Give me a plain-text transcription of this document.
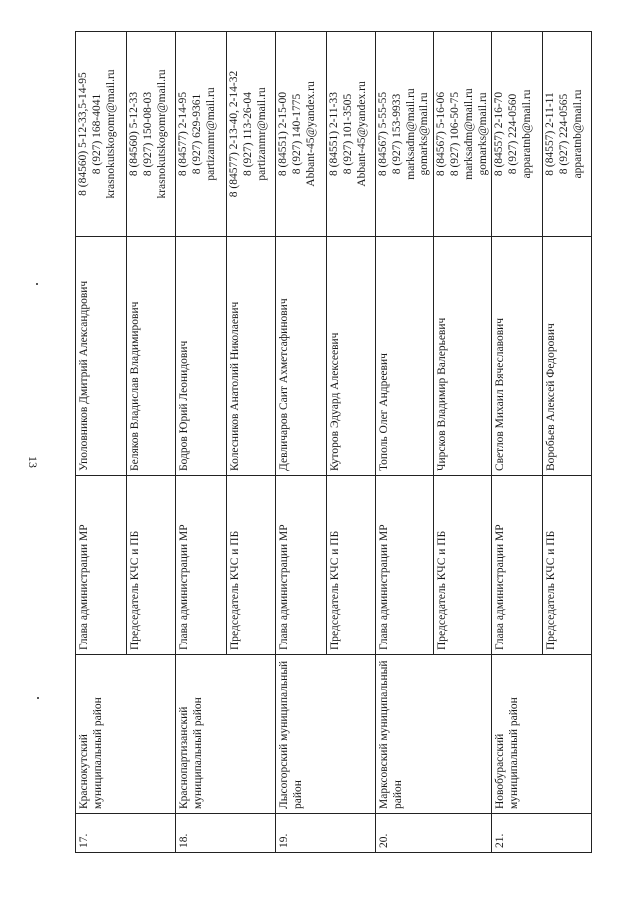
13
17.	Краснокутский муниципальный район	Глава администрации МР	Уполовников Дмитрий Александрович	8 (84560) 5-12-33,5-14-95 8 (927) 168-4041 krasnokutskogomr@mail.ru

		Председатель КЧС и ПБ	Беляков Владислав Владимирович	8 (84560) 5-12-33 8 (927) 150-08-03 krasnokutskogomr@mail.ru

18.	Краснопартизанский муниципальный район	Глава администрации МР	Бодров Юрий Леонидович	8 (84577) 2-14-95 8 (927) 629-9361 partizanmr@mail.ru

		Председатель КЧС и ПБ	Колесников Анатолий Николаевич	8 (84577) 2-13-40, 2-14-32 8 (927) 113-26-04 partizanmr@mail.ru

19.	Лысогорский муниципальный район	Глава администрации МР	Девличаров Саит Ахметсафинович	8 (84551) 2-15-00 8 (927) 140-1775 Abbant-45@yandex.ru

		Председатель КЧС и ПБ	Куторов Эдуард Алексеевич	8 (84551) 2-11-33 8 (927) 101-3505 Abbant-45@yandex.ru

20.	Марксовский муниципальный район	Глава администрации МР	Тополь Олег Андреевич	8 (84567) 5-55-55 8 (927) 153-9933 marksadm@mail.ru gomarks@mail.ru

		Председатель КЧС и ПБ	Чирсков Владимир Валерьевич	8 (84567) 5-16-06 8 (927) 106-50-75 marksadm@mail.ru gomarks@mail.ru

21.	Новобурасский муниципальный район	Глава администрации МР	Светлов Михаил Вячеславович	8 (84557) 2-16-70 8 (927) 224-0560 apparatnb@mail.ru

		Председатель КЧС и ПБ	Воробьев Алексей Федорович	8 (84557) 2-11-11 8 (927) 224-0565 apparatnb@mail.ru
